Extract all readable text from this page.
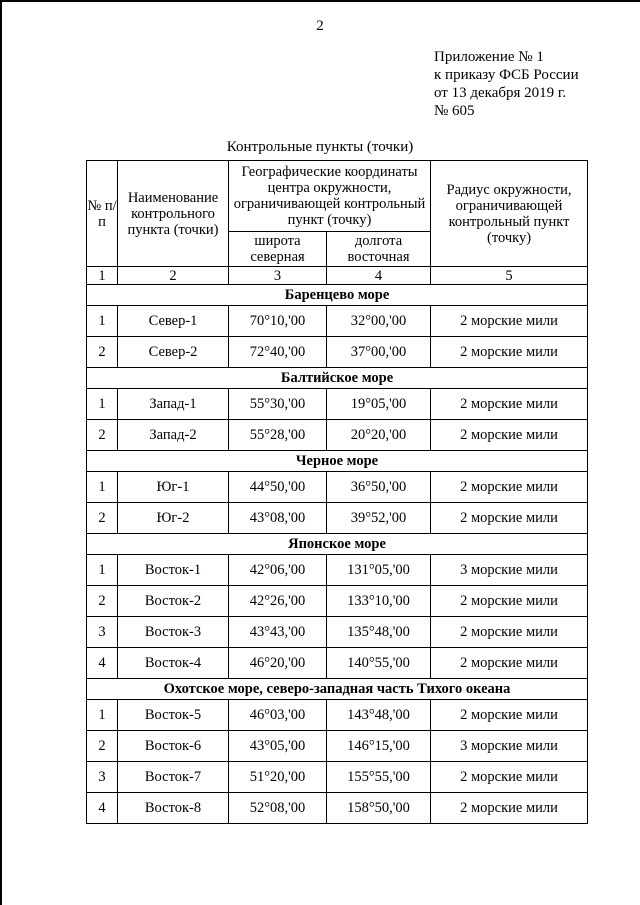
2
Приложение № 1
к приказу ФСБ России
от 13 декабря 2019 г.
№ 605
Контрольные пункты (точки)
№ п/п	Наименование контрольного пункта (точки)	Географические координаты центра окружности, ограничивающей контрольный пункт (точку)		Радиус окружности, ограничивающей контрольный пункт (точку)
		широта северная	долгота восточная	
1	2	3	4	5
Баренцево море				
1	Север-1	70°10,'00	32°00,'00	2 морские мили
2	Север-2	72°40,'00	37°00,'00	2 морские мили
Балтийское море				
1	Запад-1	55°30,'00	19°05,'00	2 морские мили
2	Запад-2	55°28,'00	20°20,'00	2 морские мили
Черное море				
1	Юг-1	44°50,'00	36°50,'00	2 морские мили
2	Юг-2	43°08,'00	39°52,'00	2 морские мили
Японское море				
1	Восток-1	42°06,'00	131°05,'00	3 морские мили
2	Восток-2	42°26,'00	133°10,'00	2 морские мили
3	Восток-3	43°43,'00	135°48,'00	2 морские мили
4	Восток-4	46°20,'00	140°55,'00	2 морские мили
Охотское море, северо-западная часть Тихого океана				
1	Восток-5	46°03,'00	143°48,'00	2 морские мили
2	Восток-6	43°05,'00	146°15,'00	3 морские мили
3	Восток-7	51°20,'00	155°55,'00	2 морские мили
4	Восток-8	52°08,'00	158°50,'00	2 морские мили
